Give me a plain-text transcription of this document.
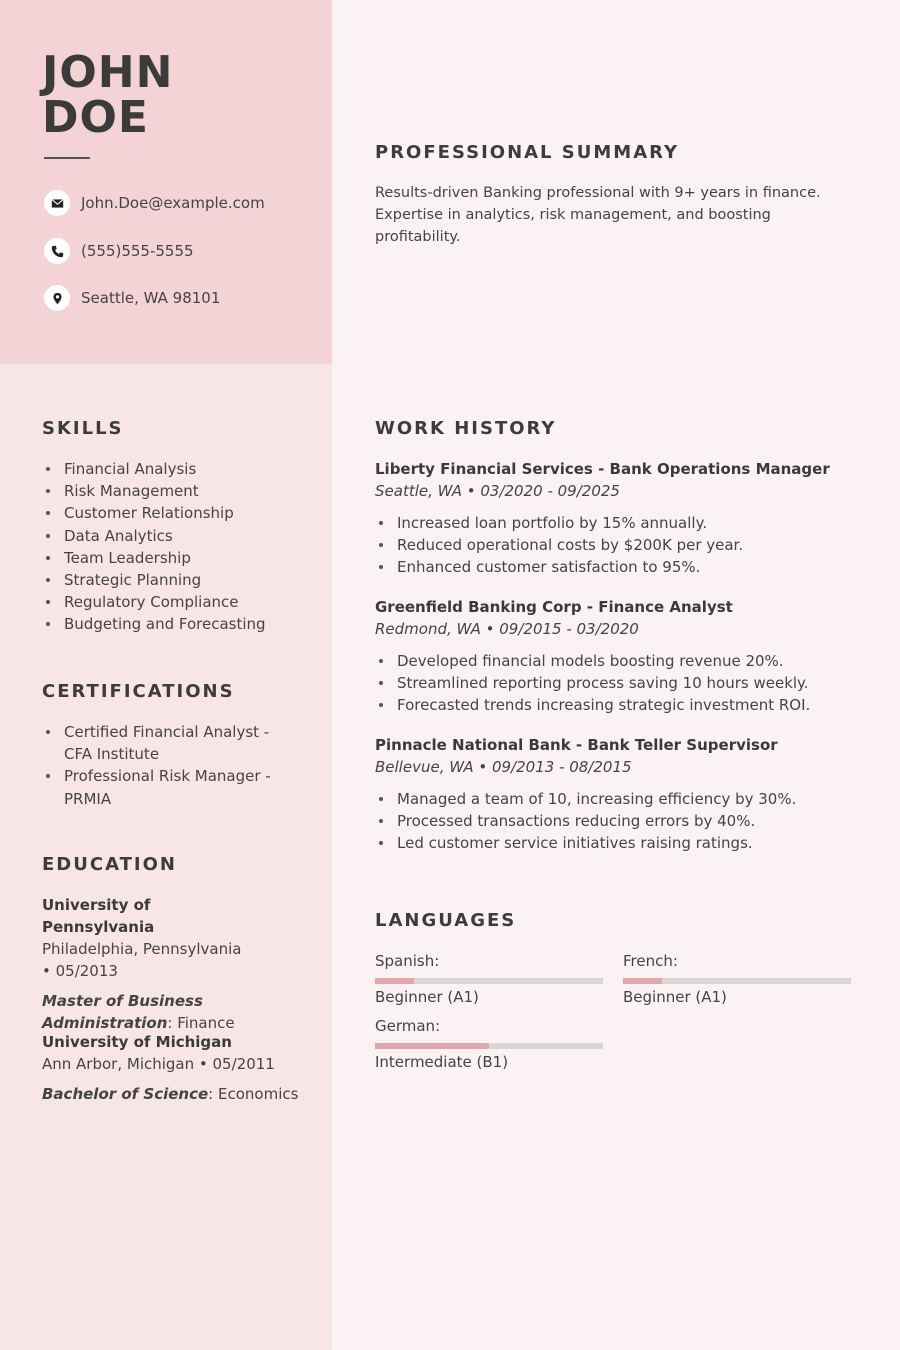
JOHN
DOE
John.Doe@example.com
(555)555-5555
Seattle, WA 98101
PROFESSIONAL SUMMARY

Results-driven Banking professional with 9+ years in finance. Expertise in analytics, risk management, and boosting profitability.

SKILLS
Financial Analysis
Risk Management
Customer Relationship
Data Analytics
Team Leadership
Strategic Planning
Regulatory Compliance
Budgeting and Forecasting
CERTIFICATIONS
Certified Financial Analyst - CFA Institute
Professional Risk Manager - PRMIA
EDUCATION
University of Pennsylvania
Philadelphia, Pennsylvania • 05/2013
Master of Business Administration: Finance
University of Michigan
Ann Arbor, Michigan • 05/2011
Bachelor of Science: Economics
WORK HISTORY
Liberty Financial Services - Bank Operations Manager
Seattle, WA • 03/2020 - 09/2025
Increased loan portfolio by 15% annually.
Reduced operational costs by $200K per year.
Enhanced customer satisfaction to 95%.
Greenfield Banking Corp - Finance Analyst
Redmond, WA • 09/2015 - 03/2020
Developed financial models boosting revenue 20%.
Streamlined reporting process saving 10 hours weekly.
Forecasted trends increasing strategic investment ROI.
Pinnacle National Bank - Bank Teller Supervisor
Bellevue, WA • 09/2013 - 08/2015
Managed a team of 10, increasing efficiency by 30%.
Processed transactions reducing errors by 40%.
Led customer service initiatives raising ratings.
LANGUAGES
Spanish:
Beginner (A1)
French:
Beginner (A1)
German:
Intermediate (B1)
